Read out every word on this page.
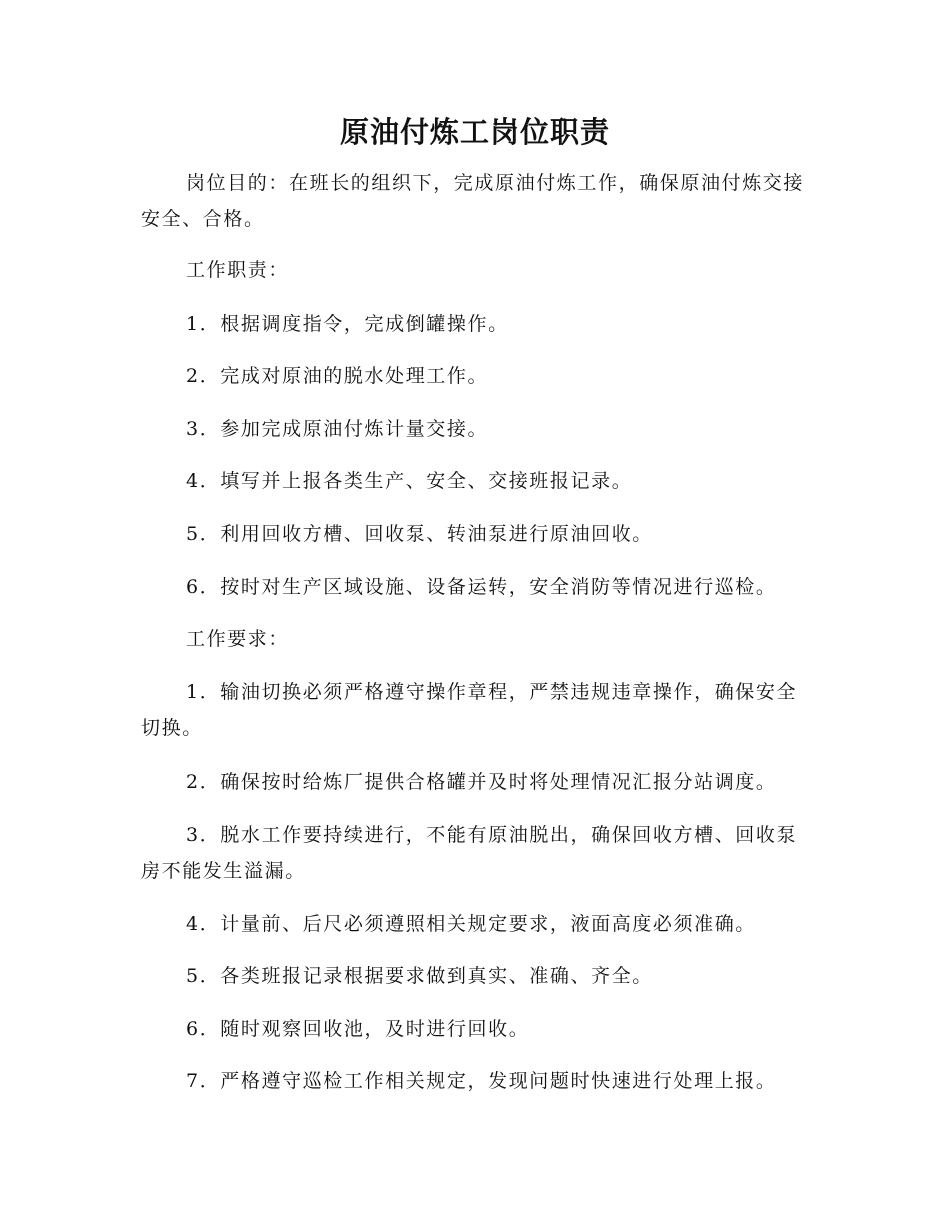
原油付炼工岗位职责

岗位目的：在班长的组织下，完成原油付炼工作，确保原油付炼交接安全、合格。

工作职责：

1．根据调度指令，完成倒罐操作。

2．完成对原油的脱水处理工作。

3．参加完成原油付炼计量交接。

4．填写并上报各类生产、安全、交接班报记录。

5．利用回收方槽、回收泵、转油泵进行原油回收。

6．按时对生产区域设施、设备运转，安全消防等情况进行巡检。

工作要求：

1．输油切换必须严格遵守操作章程，严禁违规违章操作，确保安全切换。

2．确保按时给炼厂提供合格罐并及时将处理情况汇报分站调度。

3．脱水工作要持续进行，不能有原油脱出，确保回收方槽、回收泵房不能发生溢漏。

4．计量前、后尺必须遵照相关规定要求，液面高度必须准确。

5．各类班报记录根据要求做到真实、准确、齐全。

6．随时观察回收池，及时进行回收。

7．严格遵守巡检工作相关规定，发现问题时快速进行处理上报。
